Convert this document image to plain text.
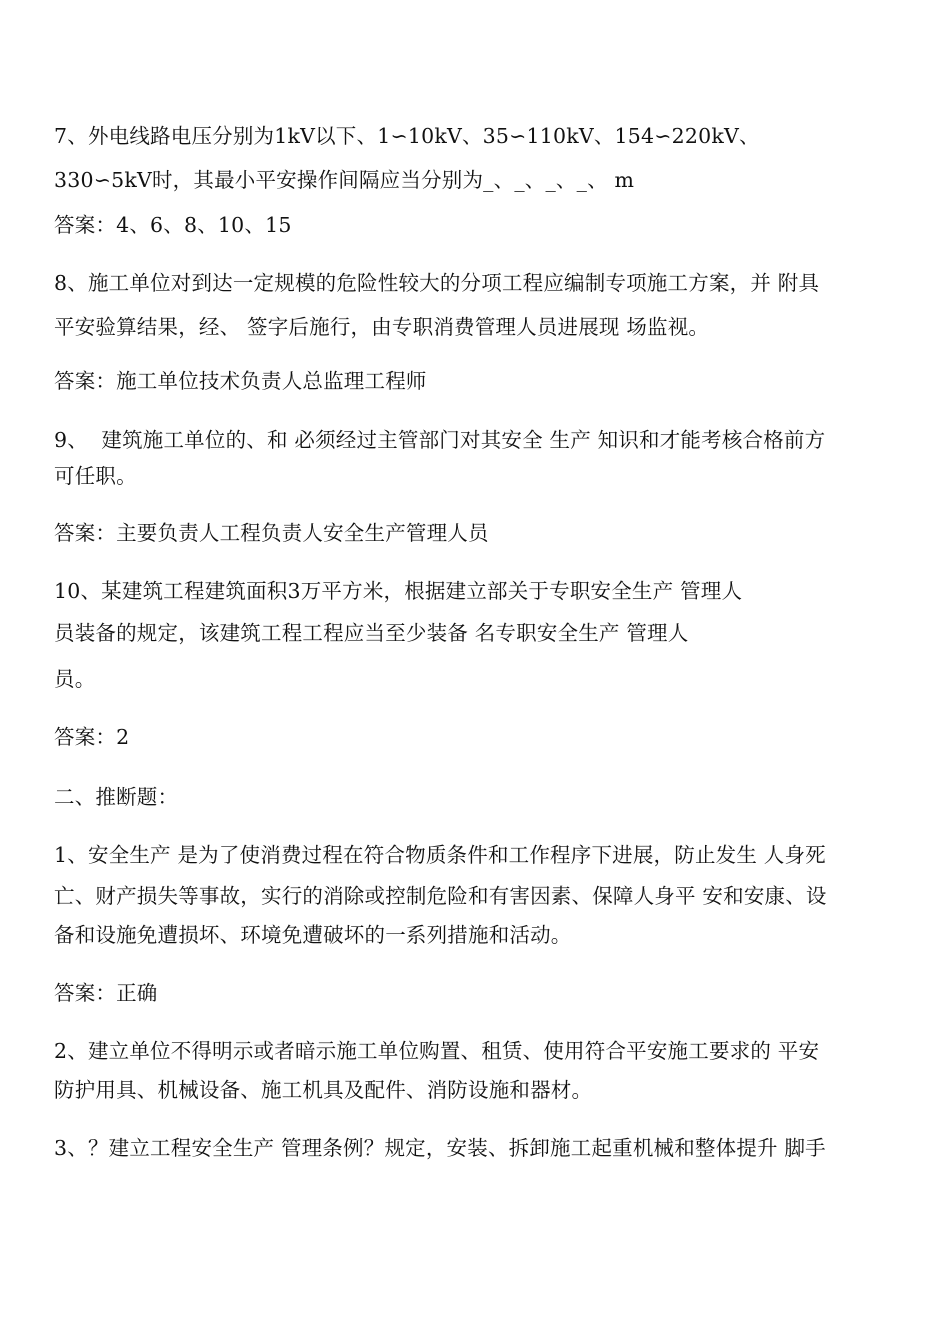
7、外电线路电压分别为1kV以下、1∽10kV、35∽110kV、154∽220kV、
330∽5kV时，其最小平安操作间隔应当分别为_、_、_、_、 m
答案：4、6、8、10、15
8、施工单位对到达一定规模的危险性较大的分项工程应编制专项施工方案，并 附具
平安验算结果，经、 签字后施行，由专职消费管理人员进展现 场监视。
答案：施工单位技术负责人总监理工程师
9、  建筑施工单位的、和 必须经过主管部门对其安全 生产 知识和才能考核合格前方
可任职。
答案：主要负责人工程负责人安全生产管理人员
10、某建筑工程建筑面积3万平方米，根据建立部关于专职安全生产 管理人
员装备的规定，该建筑工程工程应当至少装备 名专职安全生产 管理人
员。
答案：2
二、推断题：
1、安全生产 是为了使消费过程在符合物质条件和工作程序下进展，防止发生 人身死
亡、财产损失等事故，实行的消除或控制危险和有害因素、保障人身平 安和安康、设
备和设施免遭损坏、环境免遭破坏的一系列措施和活动。
答案：正确
2、建立单位不得明示或者暗示施工单位购置、租赁、使用符合平安施工要求的 平安
防护用具、机械设备、施工机具及配件、消防设施和器材。
3、？建立工程安全生产 管理条例？规定，安装、拆卸施工起重机械和整体提升 脚手
